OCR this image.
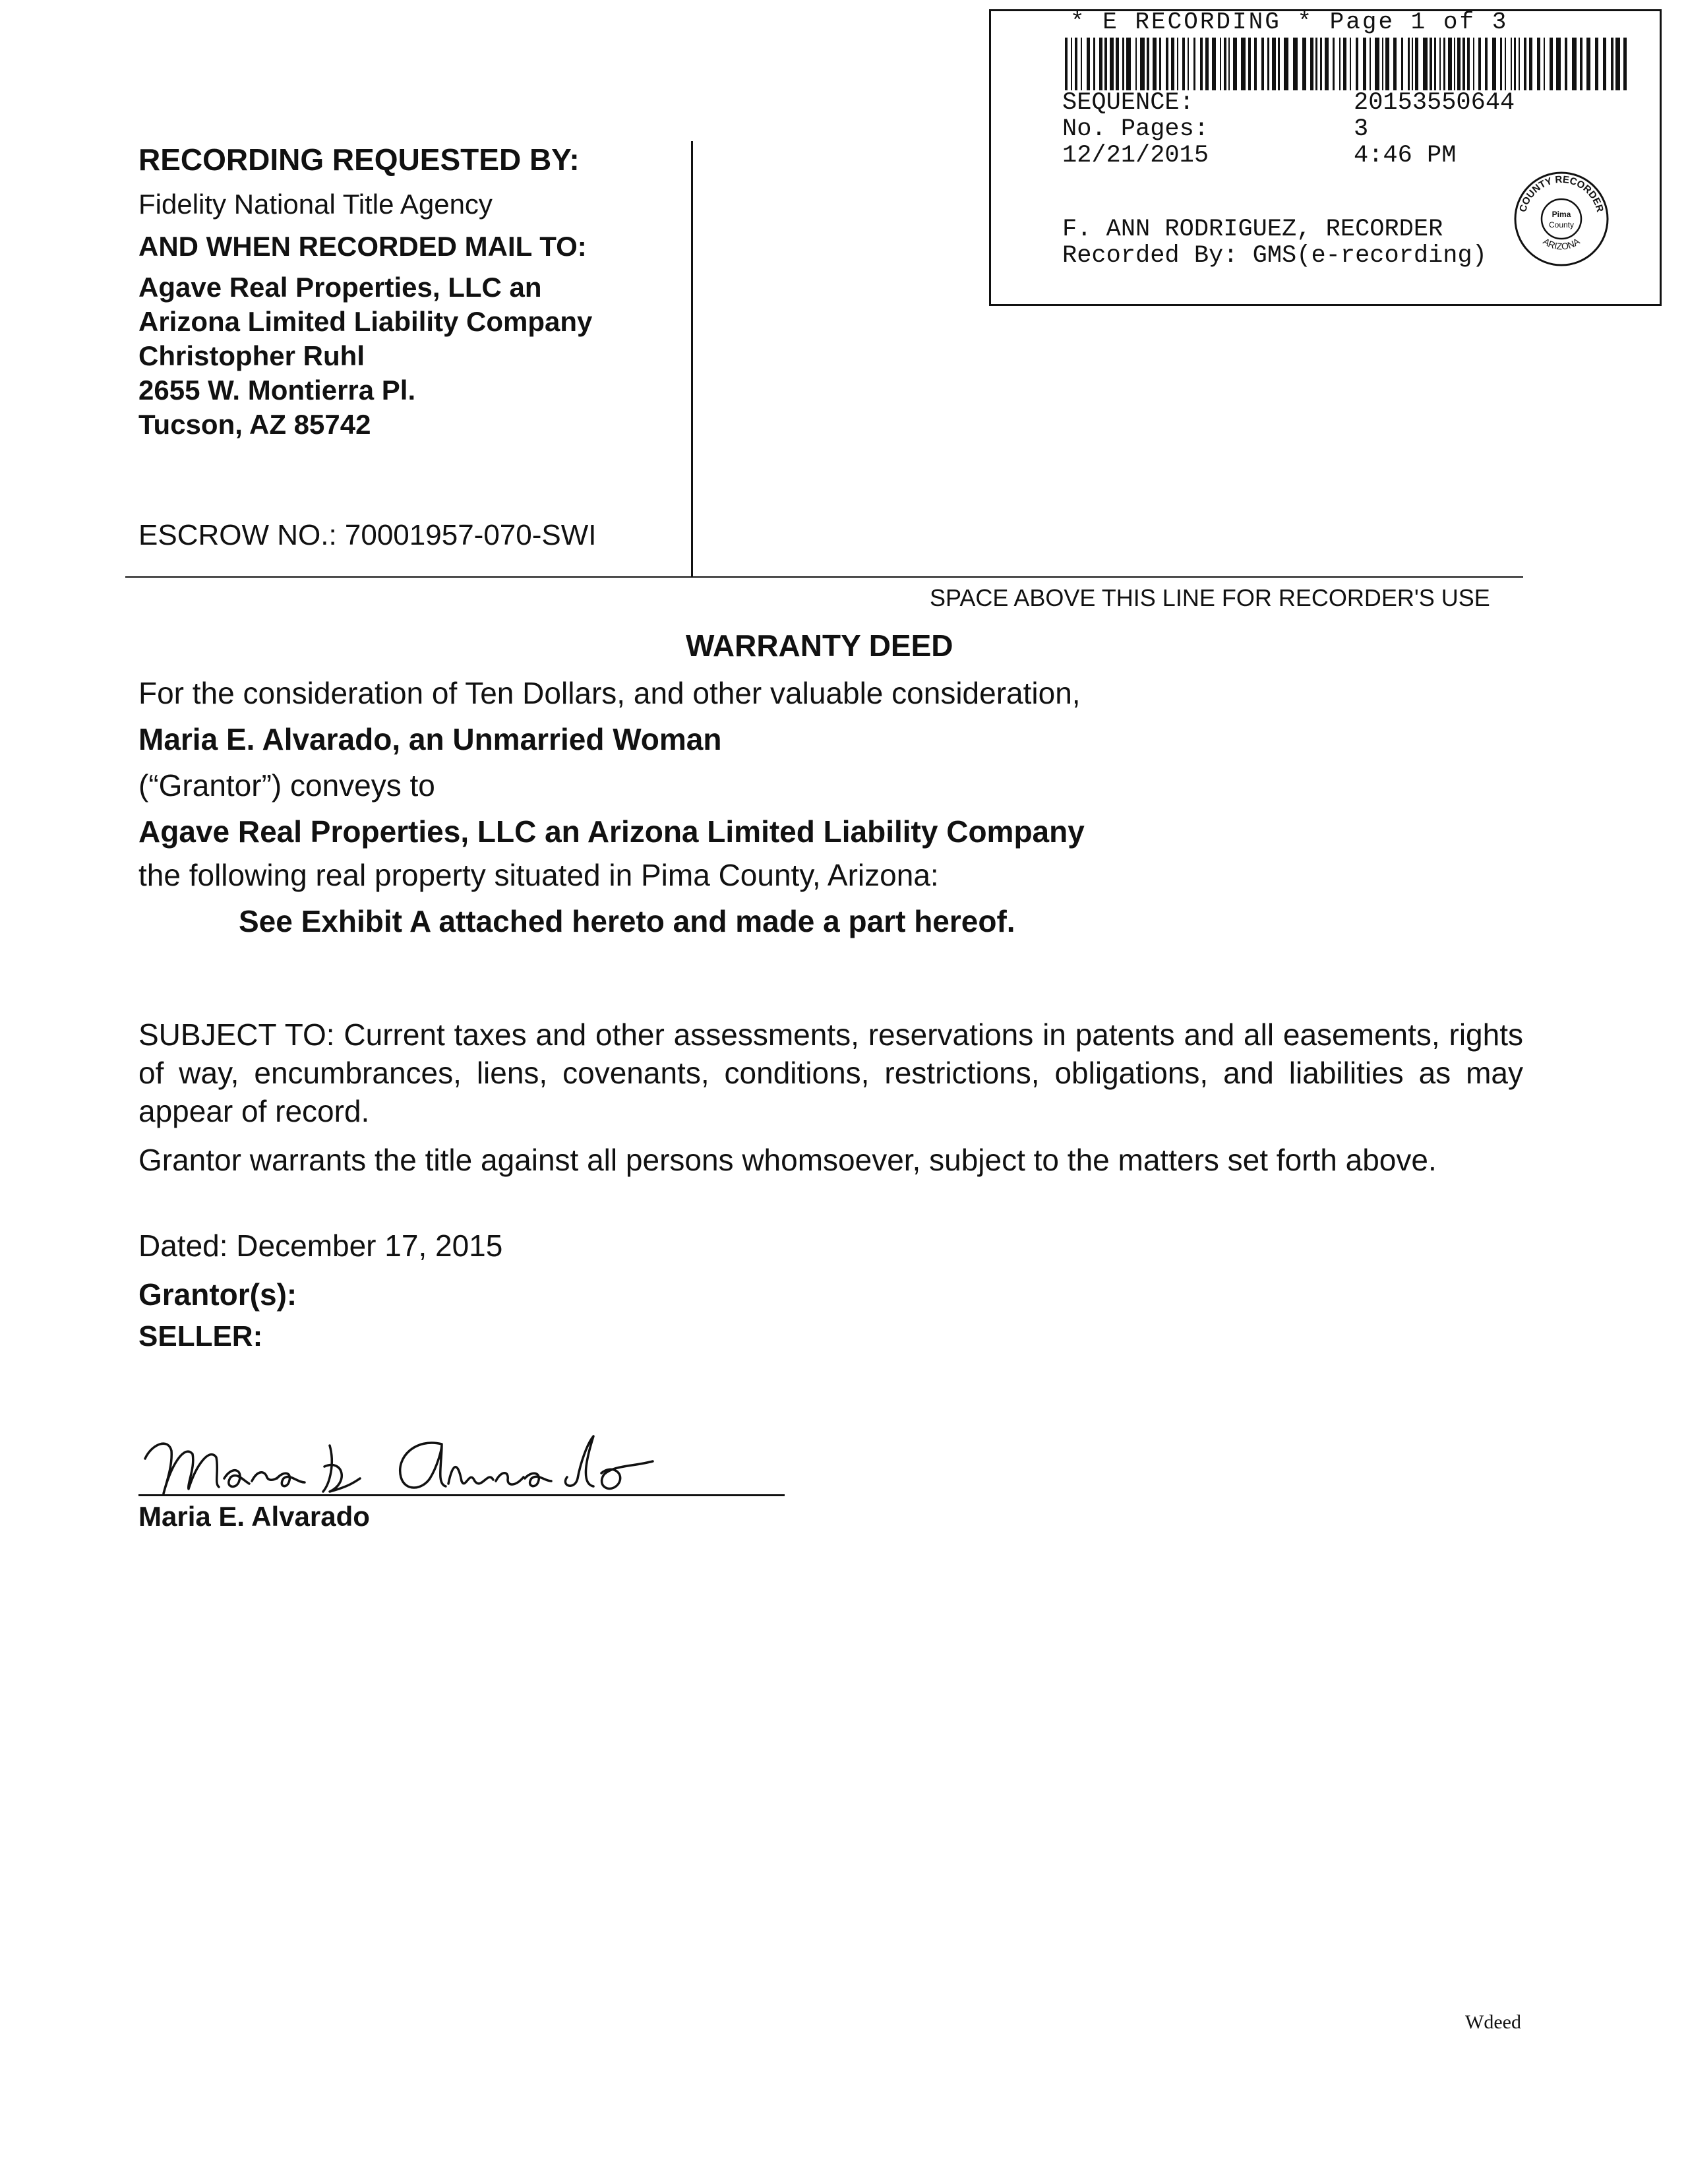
* E RECORDING * Page 1 of 3
SEQUENCE:	20153550644
No. Pages:	3
12/21/2015	4:46 PM
F. ANN RODRIGUEZ, RECORDER
Recorded By: GMS(e-recording)
COUNTY RECORDER
ARIZONA
Pima
County
RECORDING REQUESTED BY:
Fidelity National Title Agency
AND WHEN RECORDED MAIL TO:
Agave Real Properties, LLC an
Arizona Limited Liability Company
Christopher Ruhl
2655 W. Montierra Pl.
Tucson, AZ 85742
ESCROW NO.: 70001957-070-SWI
SPACE ABOVE THIS LINE FOR RECORDER'S USE
WARRANTY DEED
For the consideration of Ten Dollars, and other valuable consideration,
Maria E. Alvarado, an Unmarried Woman
(“Grantor”) conveys to
Agave Real Properties, LLC an Arizona Limited Liability Company
the following real property situated in Pima County, Arizona:
See Exhibit A attached hereto and made a part hereof.
SUBJECT TO: Current taxes and other assessments, reservations in patents and all easements, rights of way, encumbrances, liens, covenants, conditions, restrictions, obligations, and liabilities as may appear of record.
Grantor warrants the title against all persons whomsoever, subject to the matters set forth above.
Dated: December 17, 2015
Grantor(s):
SELLER:
Maria E. Alvarado
Wdeed
